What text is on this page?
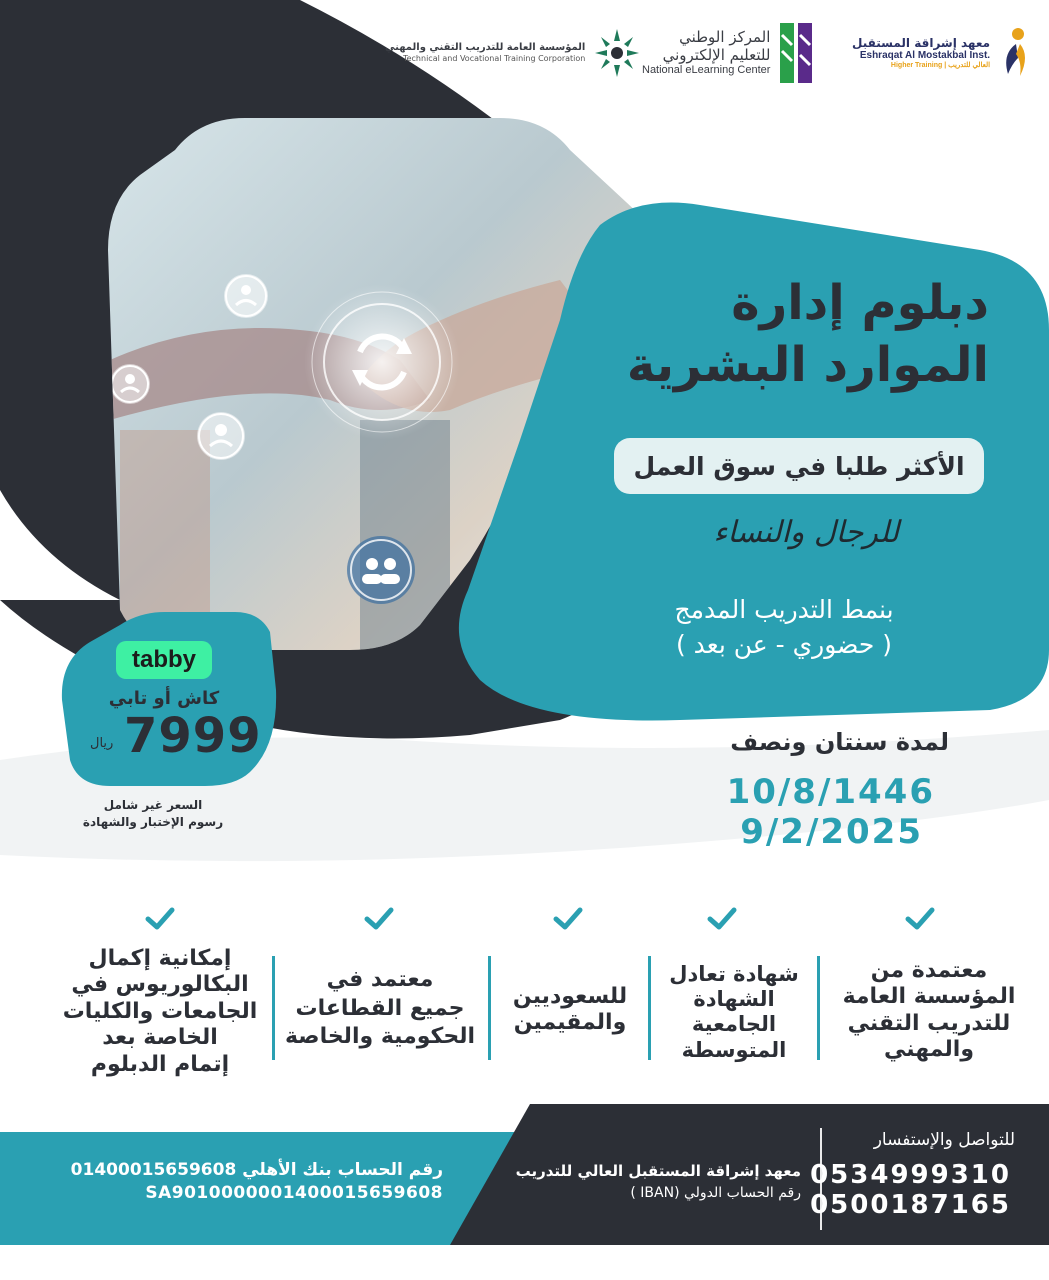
المؤسسة العامة للتدريب التقني والمهني
Technical and Vocational Training Corporation
المركز الوطني
للتعليم الإلكتروني
National eLearning Center
معهد إشراقة المستقبل
Eshraqat Al Mostakbal Inst.
Higher Training | العالي للتدريب
دبلوم إدارة
الموارد البشرية
الأكثر طلبا في سوق العمل
للرجال والنساء
بنمط التدريب المدمج
( حضوري - عن بعد )
لمدة سنتان ونصف
10/8/1446
9/2/2025
tabby
كاش أو تابي
7999
ريال
السعر غير شامل
رسوم الإختبار والشهادة
معتمدة من
المؤسسة العامة
للتدريب التقني
والمهني
شهادة تعادل
الشهادة
الجامعية
المتوسطة
للسعوديين
والمقيمين
معتمد في
جميع القطاعات
الحكومية والخاصة
إمكانية إكمال
البكالوريوس في
الجامعات والكليات
الخاصة بعد
إتمام الدبلوم
للتواصل والإستفسار
0534999310
0500187165
معهد إشراقة المستقبل العالي للتدريب
رقم الحساب الدولي (IBAN )
رقم الحساب بنك الأهلي 01400015659608
SA9010000001400015659608
